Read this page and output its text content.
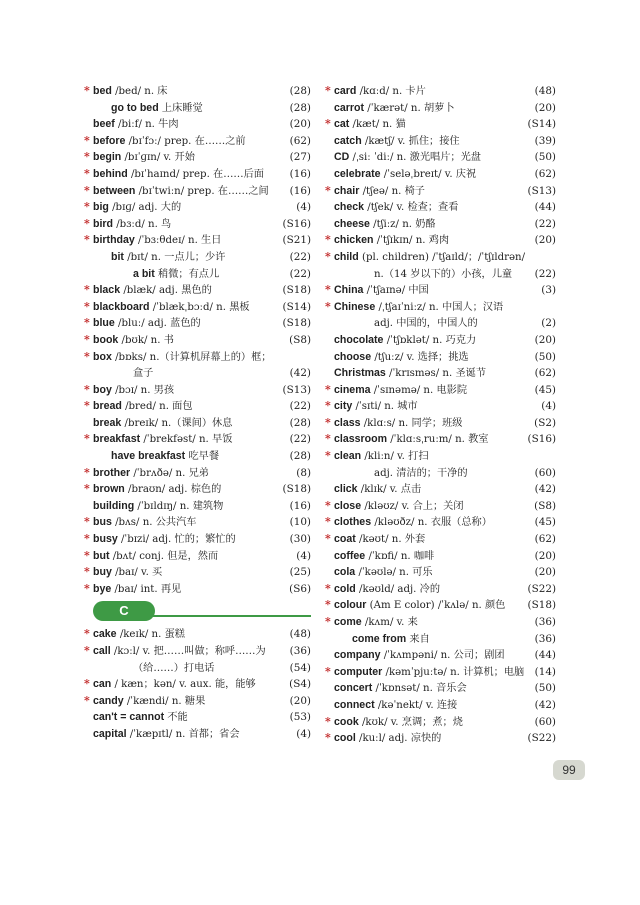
* bed /bed/ n. 床	(28)
go to bed 上床睡觉	(28)
beef /biːf/ n. 牛肉	(20)
* before /bɪˈfɔː/ prep. 在……之前	(62)
* begin /bɪˈɡɪn/ v. 开始	(27)
* behind /bɪˈhaɪnd/ prep. 在……后面 (16)
* between /bɪˈtwiːn/ prep. 在……之间 (16)
* big /bɪɡ/ adj. 大的	(4)
* bird /bɜːd/ n. 鸟	(S16)
* birthday /ˈbɜːθdeɪ/ n. 生日	(S21)
bit /bɪt/ n. 一点儿；少许	(22)
a bit 稍微；有点儿	(22)
* black /blæk/ adj. 黑色的	(S18)
* blackboard /ˈblækˌbɔːd/ n. 黑板	(S14)
* blue /bluː/ adj. 蓝色的	(S18)
* book /bʊk/ n. 书	(S8)
* box /bɒks/ n.（计算机屏幕上的）框；
盒子	(42)
* boy /bɔɪ/ n. 男孩	(S13)
* bread /bred/ n. 面包	(22)
break /breɪk/ n.（课间）休息	(28)
* breakfast /ˈbrekfəst/ n. 早饭	(22)
have breakfast 吃早餐	(28)
* brother /ˈbrʌðə/ n. 兄弟	(8)
* brown /braʊn/ adj. 棕色的	(S18)
building /ˈbɪldɪŋ/ n. 建筑物	(16)
* bus /bʌs/ n. 公共汽车	(10)
* busy /ˈbɪzi/ adj. 忙的；繁忙的	(30)
* but /bʌt/ conj. 但是，然而	(4)
* buy /baɪ/ v. 买	(25)
* bye /baɪ/ int. 再见	(S6)
C
* cake /keɪk/ n. 蛋糕	(48)
* call /kɔːl/ v. 把……叫做；称呼……为 (36)
（给……）打电话	(54)
* can / kæn；kən/ v. aux. 能，能够	(S4)
* candy /ˈkændi/ n. 糖果	(20)
can't = cannot 不能	(53)
capital /ˈkæpɪtl/ n. 首都；省会	(4)
* card /kɑːd/ n. 卡片	(48)
carrot /ˈkærət/ n. 胡萝卜	(20)
* cat /kæt/ n. 猫	(S14)
catch /kætʃ/ v. 抓住；接住	(39)
CD /ˌsiː ˈdiː/ n. 激光唱片；光盘	(50)
celebrate /ˈseləˌbreɪt/ v. 庆祝	(62)
* chair /tʃeə/ n. 椅子	(S13)
check /tʃek/ v. 检查；查看	(44)
cheese /tʃiːz/ n. 奶酪	(22)
* chicken /ˈtʃɪkɪn/ n. 鸡肉	(20)
* child (pl. children) /ˈtʃaɪld/；/ˈtʃɪldrən/
n.（14 岁以下的）小孩，儿童 (22)
* China /ˈtʃaɪnə/ 中国	(3)
* Chinese /ˌtʃaɪˈniːz/ n. 中国人；汉语
adj. 中国的，中国人的	(2)
chocolate /ˈtʃɒklət/ n. 巧克力	(20)
choose /tʃuːz/ v. 选择；挑选	(50)
Christmas /ˈkrɪsməs/ n. 圣诞节	(62)
* cinema /ˈsɪnəmə/ n. 电影院	(45)
* city /ˈsɪti/ n. 城市	(4)
* class /klɑːs/ n. 同学；班级	(S2)
* classroom /ˈklɑːsˌruːm/ n. 教室	(S16)
* clean /kliːn/ v. 打扫
adj. 清洁的；干净的	(60)
click /klɪk/ v. 点击	(42)
* close /kləʊz/ v. 合上；关闭	(S8)
* clothes /kləʊðz/ n. 衣服（总称）	(45)
* coat /kəʊt/ n. 外套	(62)
coffee /ˈkɒfi/ n. 咖啡	(20)
cola /ˈkəʊlə/ n. 可乐	(20)
* cold /kəʊld/ adj. 冷的	(S22)
* colour (Am E color) /ˈkʌlə/ n. 颜色 (S18)
* come /kʌm/ v. 来	(36)
come from 来自	(36)
company /ˈkʌmpəni/ n. 公司；剧团	(44)
* computer /kəmˈpjuːtə/ n. 计算机；电脑 (14)
concert /ˈkɒnsət/ n. 音乐会	(50)
connect /kəˈnekt/ v. 连接	(42)
* cook /kʊk/ v. 烹调；煮；烧	(60)
* cool /kuːl/ adj. 凉快的	(S22)
99
